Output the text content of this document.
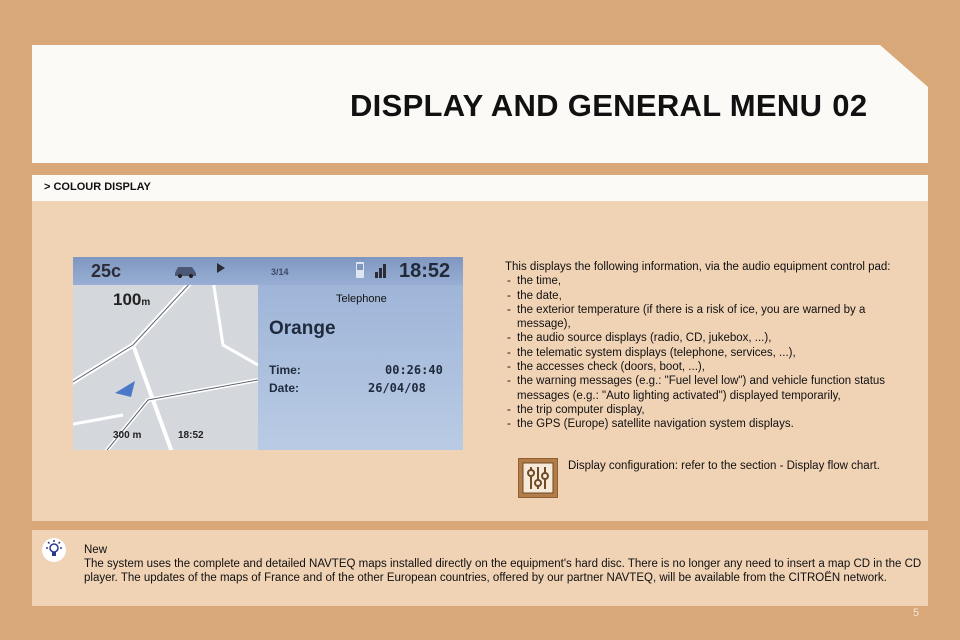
DISPLAY AND GENERAL MENU 02
> COLOUR DISPLAY
25c	3/14	18:52
100m
300 m	18:52
Telephone
Orange
Time:	00:26:40
Date:	26/04/08
This displays the following information, via the audio equipment control pad:
- the time,
- the date,
- the exterior temperature (if there is a risk of ice, you are warned by a message),
- the audio source displays (radio, CD, jukebox, ...),
- the telematic system displays (telephone, services, ...),
- the accesses check (doors, boot, ...),
- the warning messages (e.g.: "Fuel level low") and vehicle function status messages (e.g.: "Auto lighting activated") displayed temporarily,
- the trip computer display,
- the GPS (Europe) satellite navigation system displays.
Display configuration: refer to the section - Display flow chart.
New
The system uses the complete and detailed NAVTEQ maps installed directly on the equipment's hard disc. There is no longer any need to insert a map CD in the CD player. The updates of the maps of France and of the other European countries, offered by our partner NAVTEQ, will be available from the CITROËN network.
5
